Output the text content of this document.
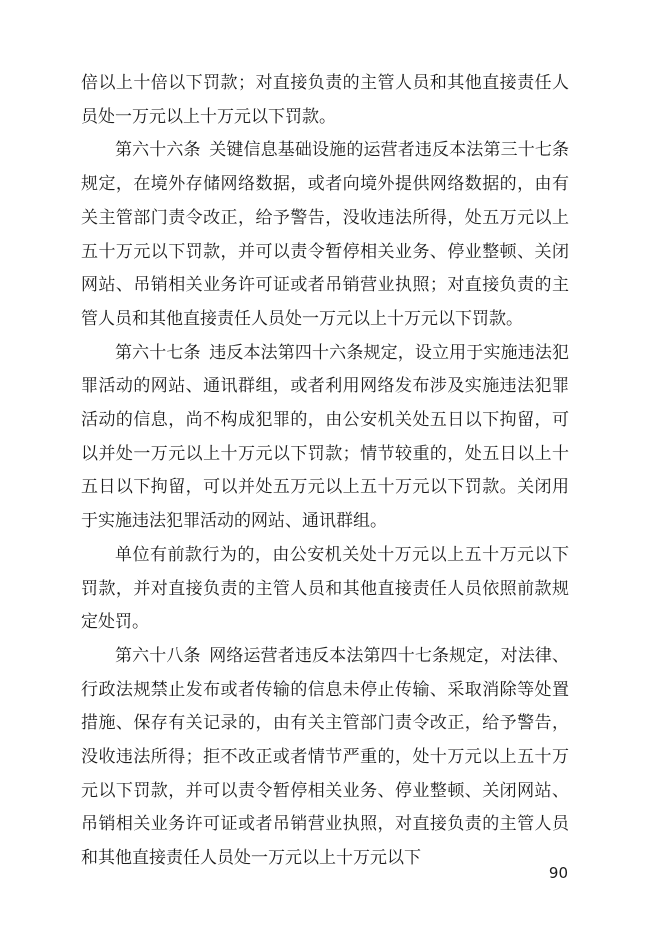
倍以上十倍以下罚款；对直接负责的主管人员和其他直接责任人员处一万元以上十万元以下罚款。

第六十六条 关键信息基础设施的运营者违反本法第三十七条规定，在境外存储网络数据，或者向境外提供网络数据的，由有关主管部门责令改正，给予警告，没收违法所得，处五万元以上五十万元以下罚款，并可以责令暂停相关业务、停业整顿、关闭网站、吊销相关业务许可证或者吊销营业执照；对直接负责的主管人员和其他直接责任人员处一万元以上十万元以下罚款。

第六十七条 违反本法第四十六条规定，设立用于实施违法犯罪活动的网站、通讯群组，或者利用网络发布涉及实施违法犯罪活动的信息，尚不构成犯罪的，由公安机关处五日以下拘留，可以并处一万元以上十万元以下罚款；情节较重的，处五日以上十五日以下拘留，可以并处五万元以上五十万元以下罚款。关闭用于实施违法犯罪活动的网站、通讯群组。

单位有前款行为的，由公安机关处十万元以上五十万元以下罚款，并对直接负责的主管人员和其他直接责任人员依照前款规定处罚。

第六十八条 网络运营者违反本法第四十七条规定，对法律、行政法规禁止发布或者传输的信息未停止传输、采取消除等处置措施、保存有关记录的，由有关主管部门责令改正，给予警告，没收违法所得；拒不改正或者情节严重的，处十万元以上五十万元以下罚款，并可以责令暂停相关业务、停业整顿、关闭网站、吊销相关业务许可证或者吊销营业执照，对直接负责的主管人员和其他直接责任人员处一万元以上十万元以下

90
